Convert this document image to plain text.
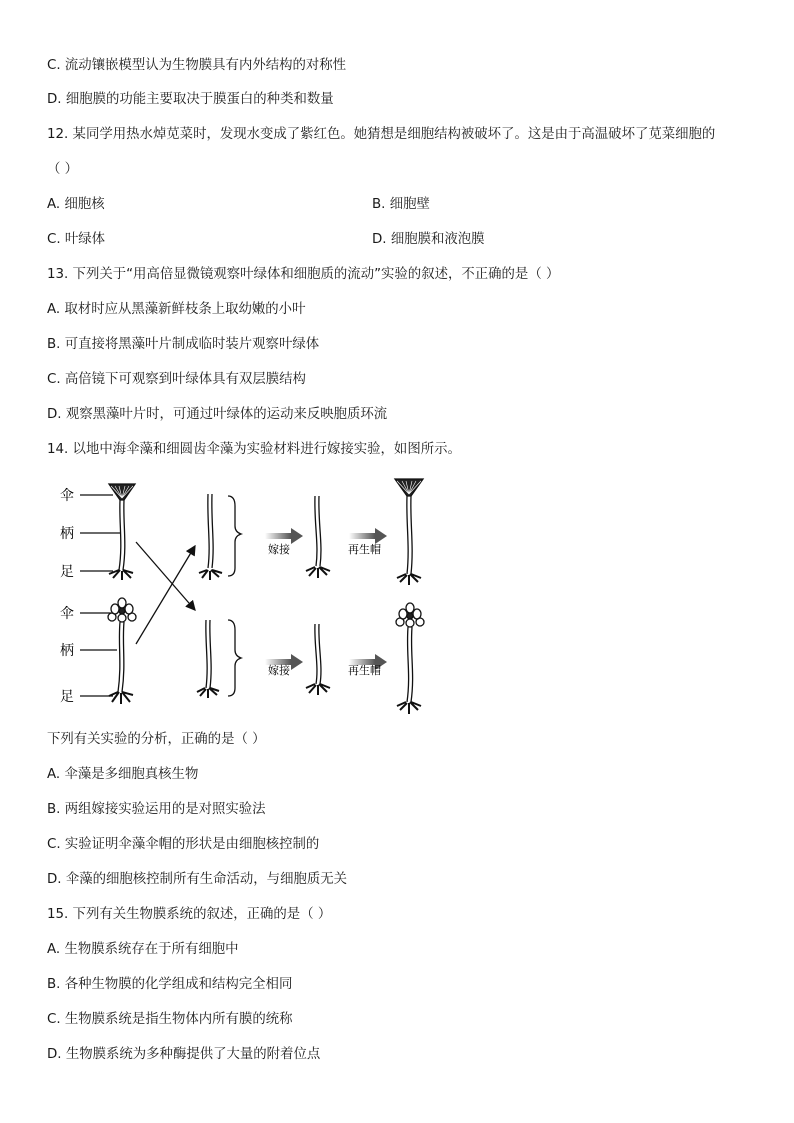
C. 流动镶嵌模型认为生物膜具有内外结构的对称性
D. 细胞膜的功能主要取决于膜蛋白的种类和数量
12. 某同学用热水焯苋菜时，发现水变成了紫红色。她猜想是细胞结构被破坏了。这是由于高温破坏了苋菜细胞的
（ ）
A. 细胞核	B. 细胞壁
C. 叶绿体	D. 细胞膜和液泡膜
13. 下列关于“用高倍显微镜观察叶绿体和细胞质的流动”实验的叙述，不正确的是（ ）
A. 取材时应从黑藻新鲜枝条上取幼嫩的小叶
B. 可直接将黑藻叶片制成临时装片观察叶绿体
C. 高倍镜下可观察到叶绿体具有双层膜结构
D. 观察黑藻叶片时，可通过叶绿体的运动来反映胞质环流
14. 以地中海伞藻和细圆齿伞藻为实验材料进行嫁接实验，如图所示。
伞
柄
足
伞
柄
足
嫁接	再生帽
嫁接	再生帽
下列有关实验的分析，正确的是（ ）
A. 伞藻是多细胞真核生物
B. 两组嫁接实验运用的是对照实验法
C. 实验证明伞藻伞帽的形状是由细胞核控制的
D. 伞藻的细胞核控制所有生命活动，与细胞质无关
15. 下列有关生物膜系统的叙述，正确的是（ ）
A. 生物膜系统存在于所有细胞中
B. 各种生物膜的化学组成和结构完全相同
C. 生物膜系统是指生物体内所有膜的统称
D. 生物膜系统为多种酶提供了大量的附着位点
